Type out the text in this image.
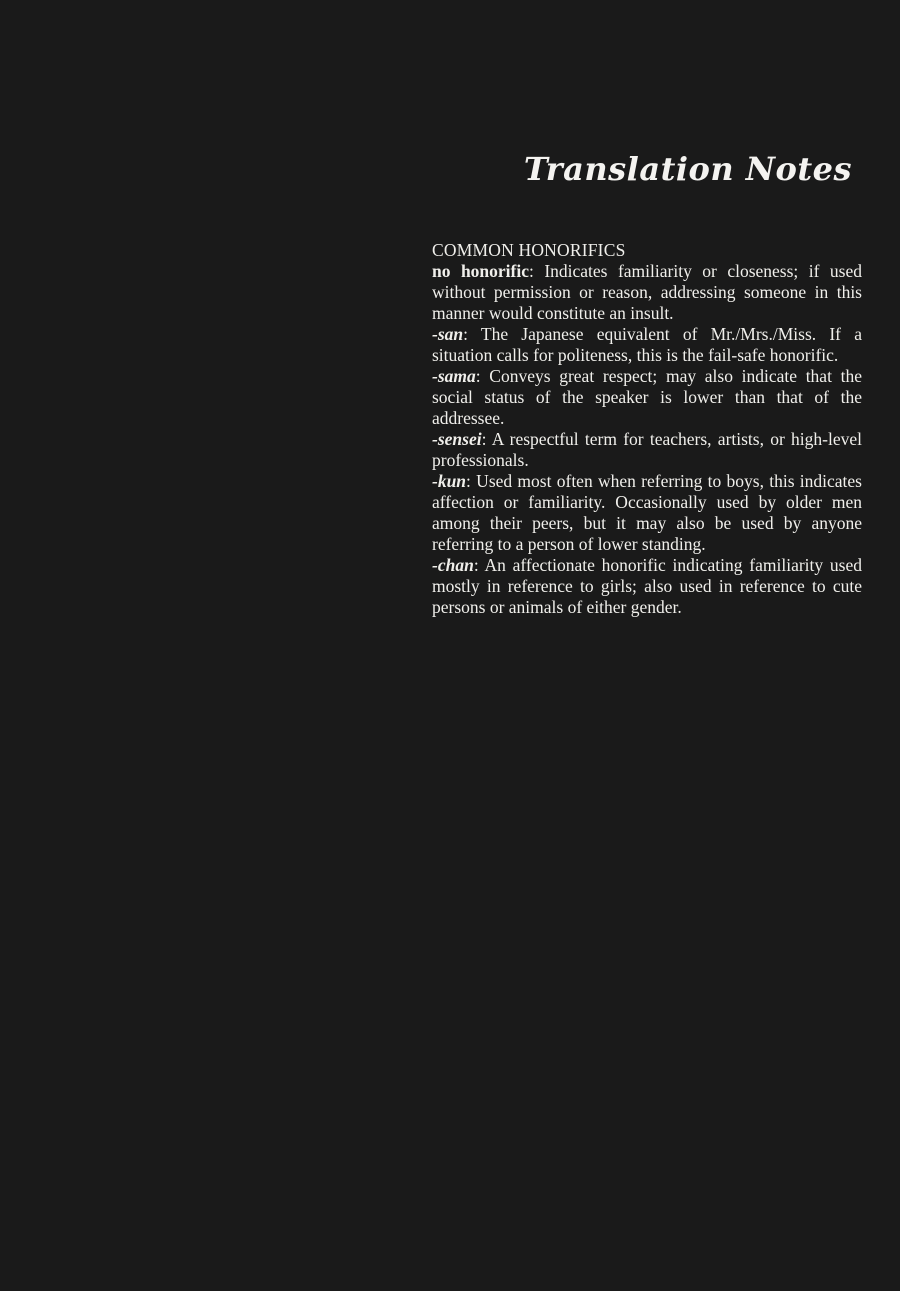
Translation Notes
COMMON HONORIFICS

no honorific: Indicates familiarity or closeness; if used without permission or reason, addressing someone in this manner would constitute an insult.

-san: The Japanese equivalent of Mr./Mrs./Miss. If a situation calls for politeness, this is the fail-safe honorific.

-sama: Conveys great respect; may also indicate that the social status of the speaker is lower than that of the addressee.

-sensei: A respectful term for teachers, artists, or high-level professionals.

-kun: Used most often when referring to boys, this indicates affection or familiarity. Occasionally used by older men among their peers, but it may also be used by anyone referring to a person of lower standing.

-chan: An affectionate honorific indicating familiarity used mostly in reference to girls; also used in reference to cute persons or animals of either gender.
